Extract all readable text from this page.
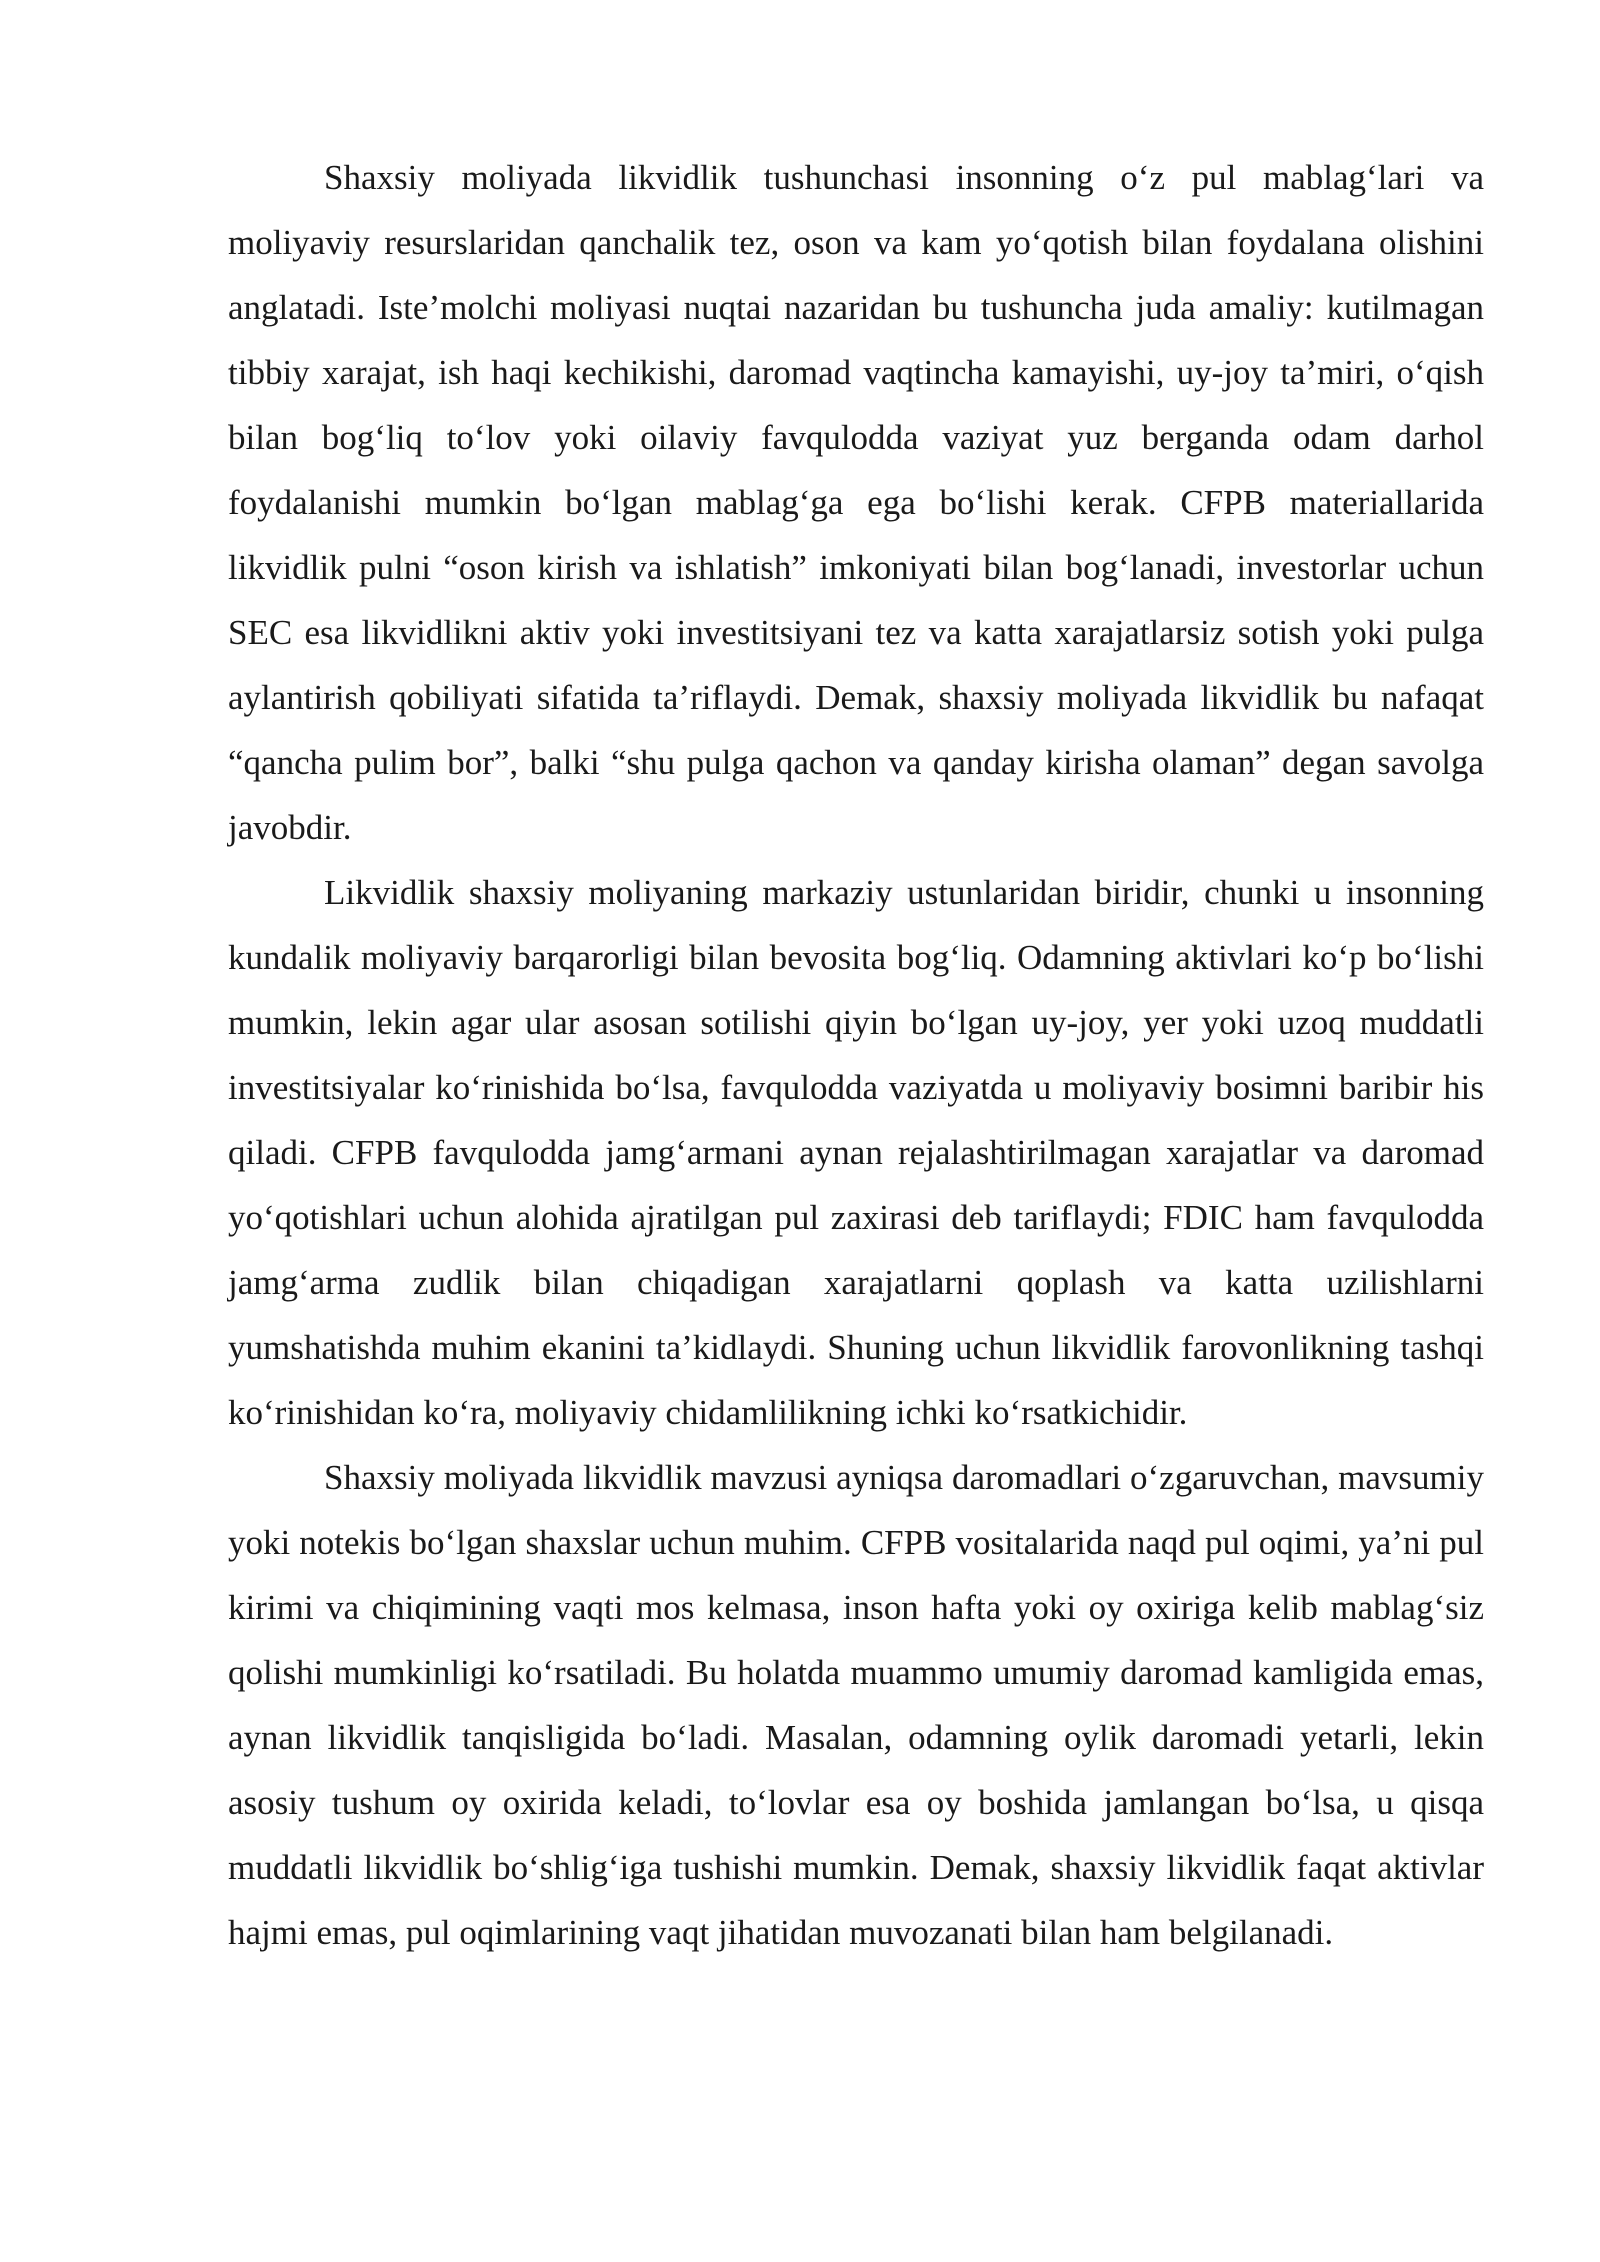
Shaxsiy moliyada likvidlik tushunchasi insonning o‘z pul mablag‘lari va moliyaviy resurslaridan qanchalik tez, oson va kam yo‘qotish bilan foydalana olishini anglatadi. Iste’molchi moliyasi nuqtai nazaridan bu tushuncha juda amaliy: kutilmagan tibbiy xarajat, ish haqi kechikishi, daromad vaqtincha kamayishi, uy-joy ta’miri, o‘qish bilan bog‘liq to‘lov yoki oilaviy favqulodda vaziyat yuz berganda odam darhol foydalanishi mumkin bo‘lgan mablag‘ga ega bo‘lishi kerak. CFPB materiallarida likvidlik pulni “oson kirish va ishlatish” imkoniyati bilan bog‘lanadi, investorlar uchun SEC esa likvidlikni aktiv yoki investitsiyani tez va katta xarajatlarsiz sotish yoki pulga aylantirish qobiliyati sifatida ta’riflaydi. Demak, shaxsiy moliyada likvidlik bu nafaqat “qancha pulim bor”, balki “shu pulga qachon va qanday kirisha olaman” degan savolga javobdir.

Likvidlik shaxsiy moliyaning markaziy ustunlaridan biridir, chunki u insonning kundalik moliyaviy barqarorligi bilan bevosita bog‘liq. Odamning aktivlari ko‘p bo‘lishi mumkin, lekin agar ular asosan sotilishi qiyin bo‘lgan uy-joy, yer yoki uzoq muddatli investitsiyalar ko‘rinishida bo‘lsa, favqulodda vaziyatda u moliyaviy bosimni baribir his qiladi. CFPB favqulodda jamg‘armani aynan rejalashtirilmagan xarajatlar va daromad yo‘qotishlari uchun alohida ajratilgan pul zaxirasi deb tariflaydi; FDIC ham favqulodda jamg‘arma zudlik bilan chiqadigan xarajatlarni qoplash va katta uzilishlarni yumshatishda muhim ekanini ta’kidlaydi. Shuning uchun likvidlik farovonlikning tashqi ko‘rinishidan ko‘ra, moliyaviy chidamlilikning ichki ko‘rsatkichidir.

Shaxsiy moliyada likvidlik mavzusi ayniqsa daromadlari o‘zgaruvchan, mavsumiy yoki notekis bo‘lgan shaxslar uchun muhim. CFPB vositalarida naqd pul oqimi, ya’ni pul kirimi va chiqimining vaqti mos kelmasa, inson hafta yoki oy oxiriga kelib mablag‘siz qolishi mumkinligi ko‘rsatiladi. Bu holatda muammo umumiy daromad kamligida emas, aynan likvidlik tanqisligida bo‘ladi. Masalan, odamning oylik daromadi yetarli, lekin asosiy tushum oy oxirida keladi, to‘lovlar esa oy boshida jamlangan bo‘lsa, u qisqa muddatli likvidlik bo‘shlig‘iga tushishi mumkin. Demak, shaxsiy likvidlik faqat aktivlar hajmi emas, pul oqimlarining vaqt jihatidan muvozanati bilan ham belgilanadi.
